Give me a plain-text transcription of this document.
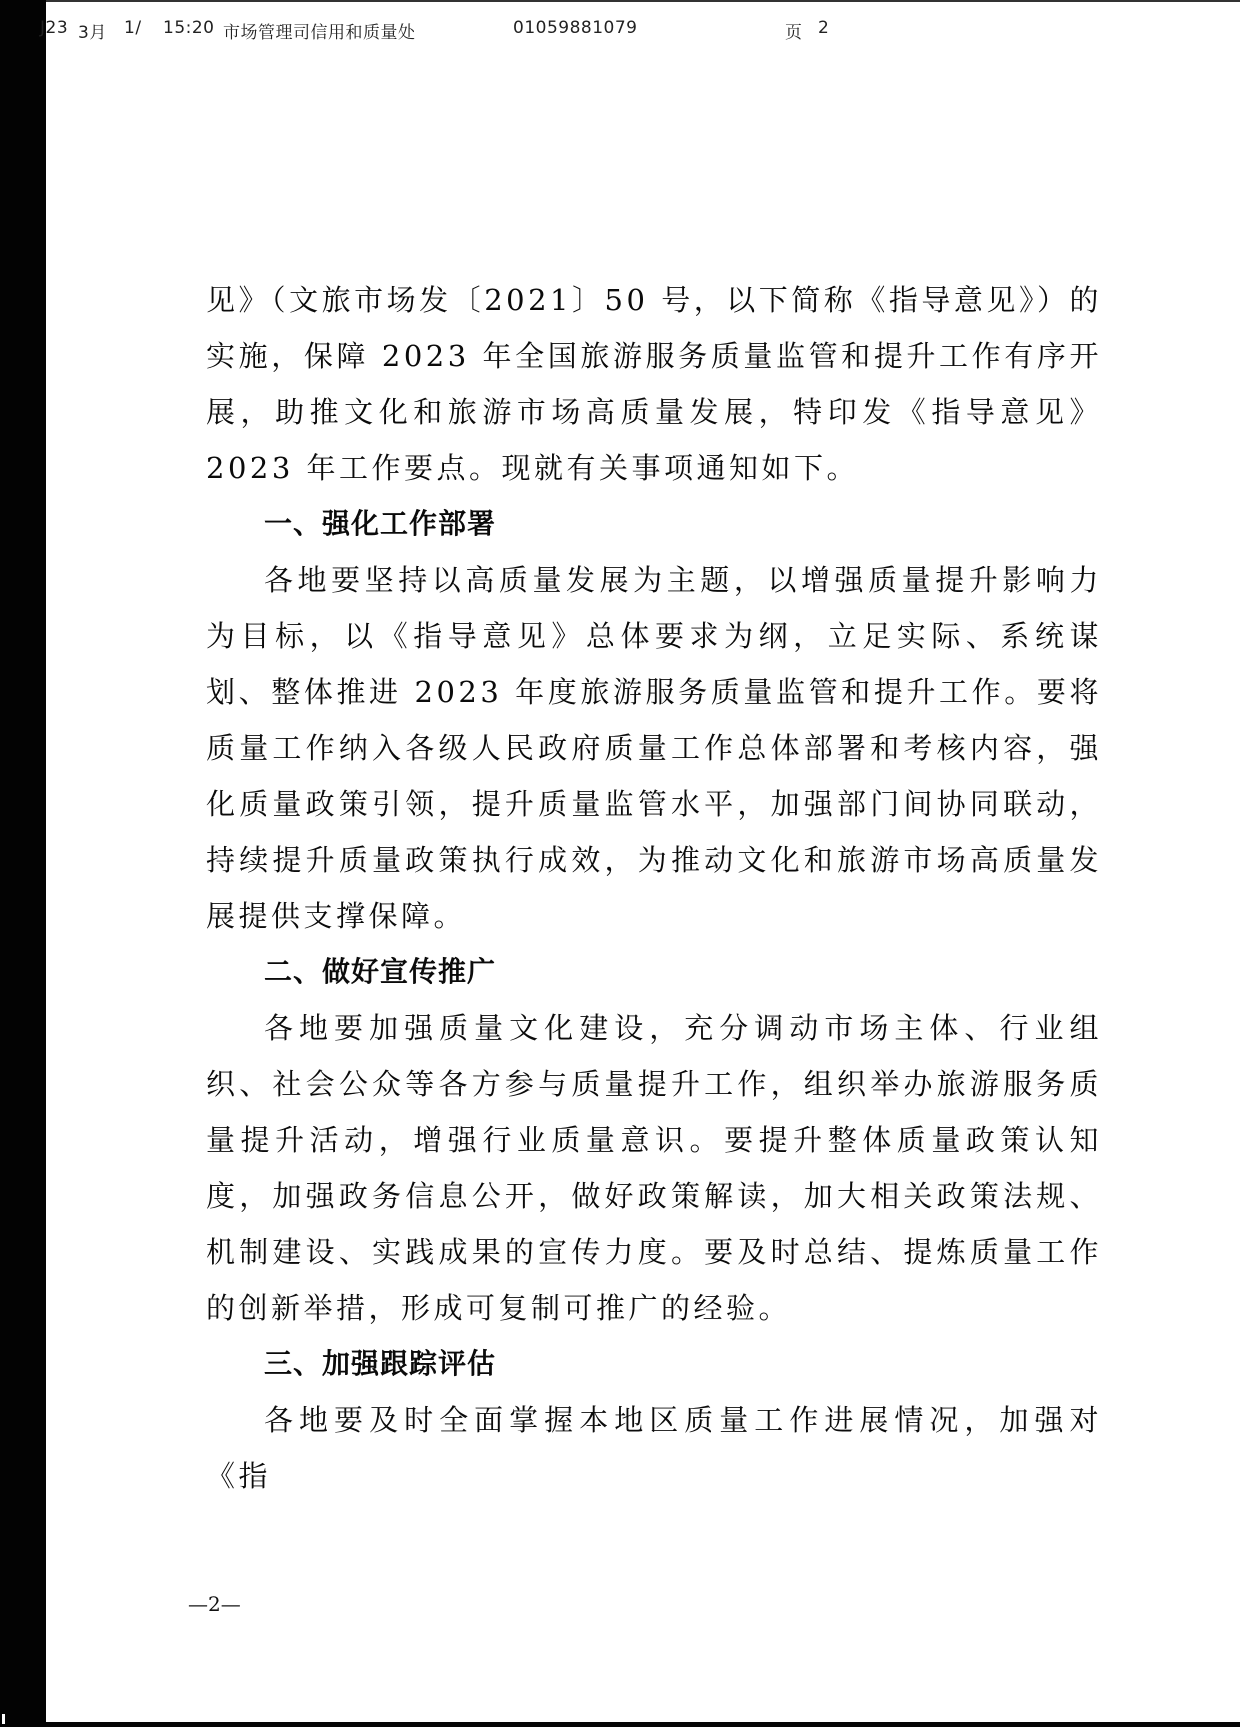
J23 3月 1/ 15:20 市场管理司信用和质量处	01059881079	页 2

见》（文旅市场发〔2021〕50 号，以下简称《指导意见》）的实施，保障 2023 年全国旅游服务质量监管和提升工作有序开展，助推文化和旅游市场高质量发展，特印发《指导意见》2023 年工作要点。现就有关事项通知如下。

一、强化工作部署

各地要坚持以高质量发展为主题，以增强质量提升影响力为目标，以《指导意见》总体要求为纲，立足实际、系统谋划、整体推进 2023 年度旅游服务质量监管和提升工作。要将质量工作纳入各级人民政府质量工作总体部署和考核内容，强化质量政策引领，提升质量监管水平，加强部门间协同联动，持续提升质量政策执行成效，为推动文化和旅游市场高质量发展提供支撑保障。

二、做好宣传推广

各地要加强质量文化建设，充分调动市场主体、行业组织、社会公众等各方参与质量提升工作，组织举办旅游服务质量提升活动，增强行业质量意识。要提升整体质量政策认知度，加强政务信息公开，做好政策解读，加大相关政策法规、机制建设、实践成果的宣传力度。要及时总结、提炼质量工作的创新举措，形成可复制可推广的经验。

三、加强跟踪评估

各地要及时全面掌握本地区质量工作进展情况，加强对《指

—2—
